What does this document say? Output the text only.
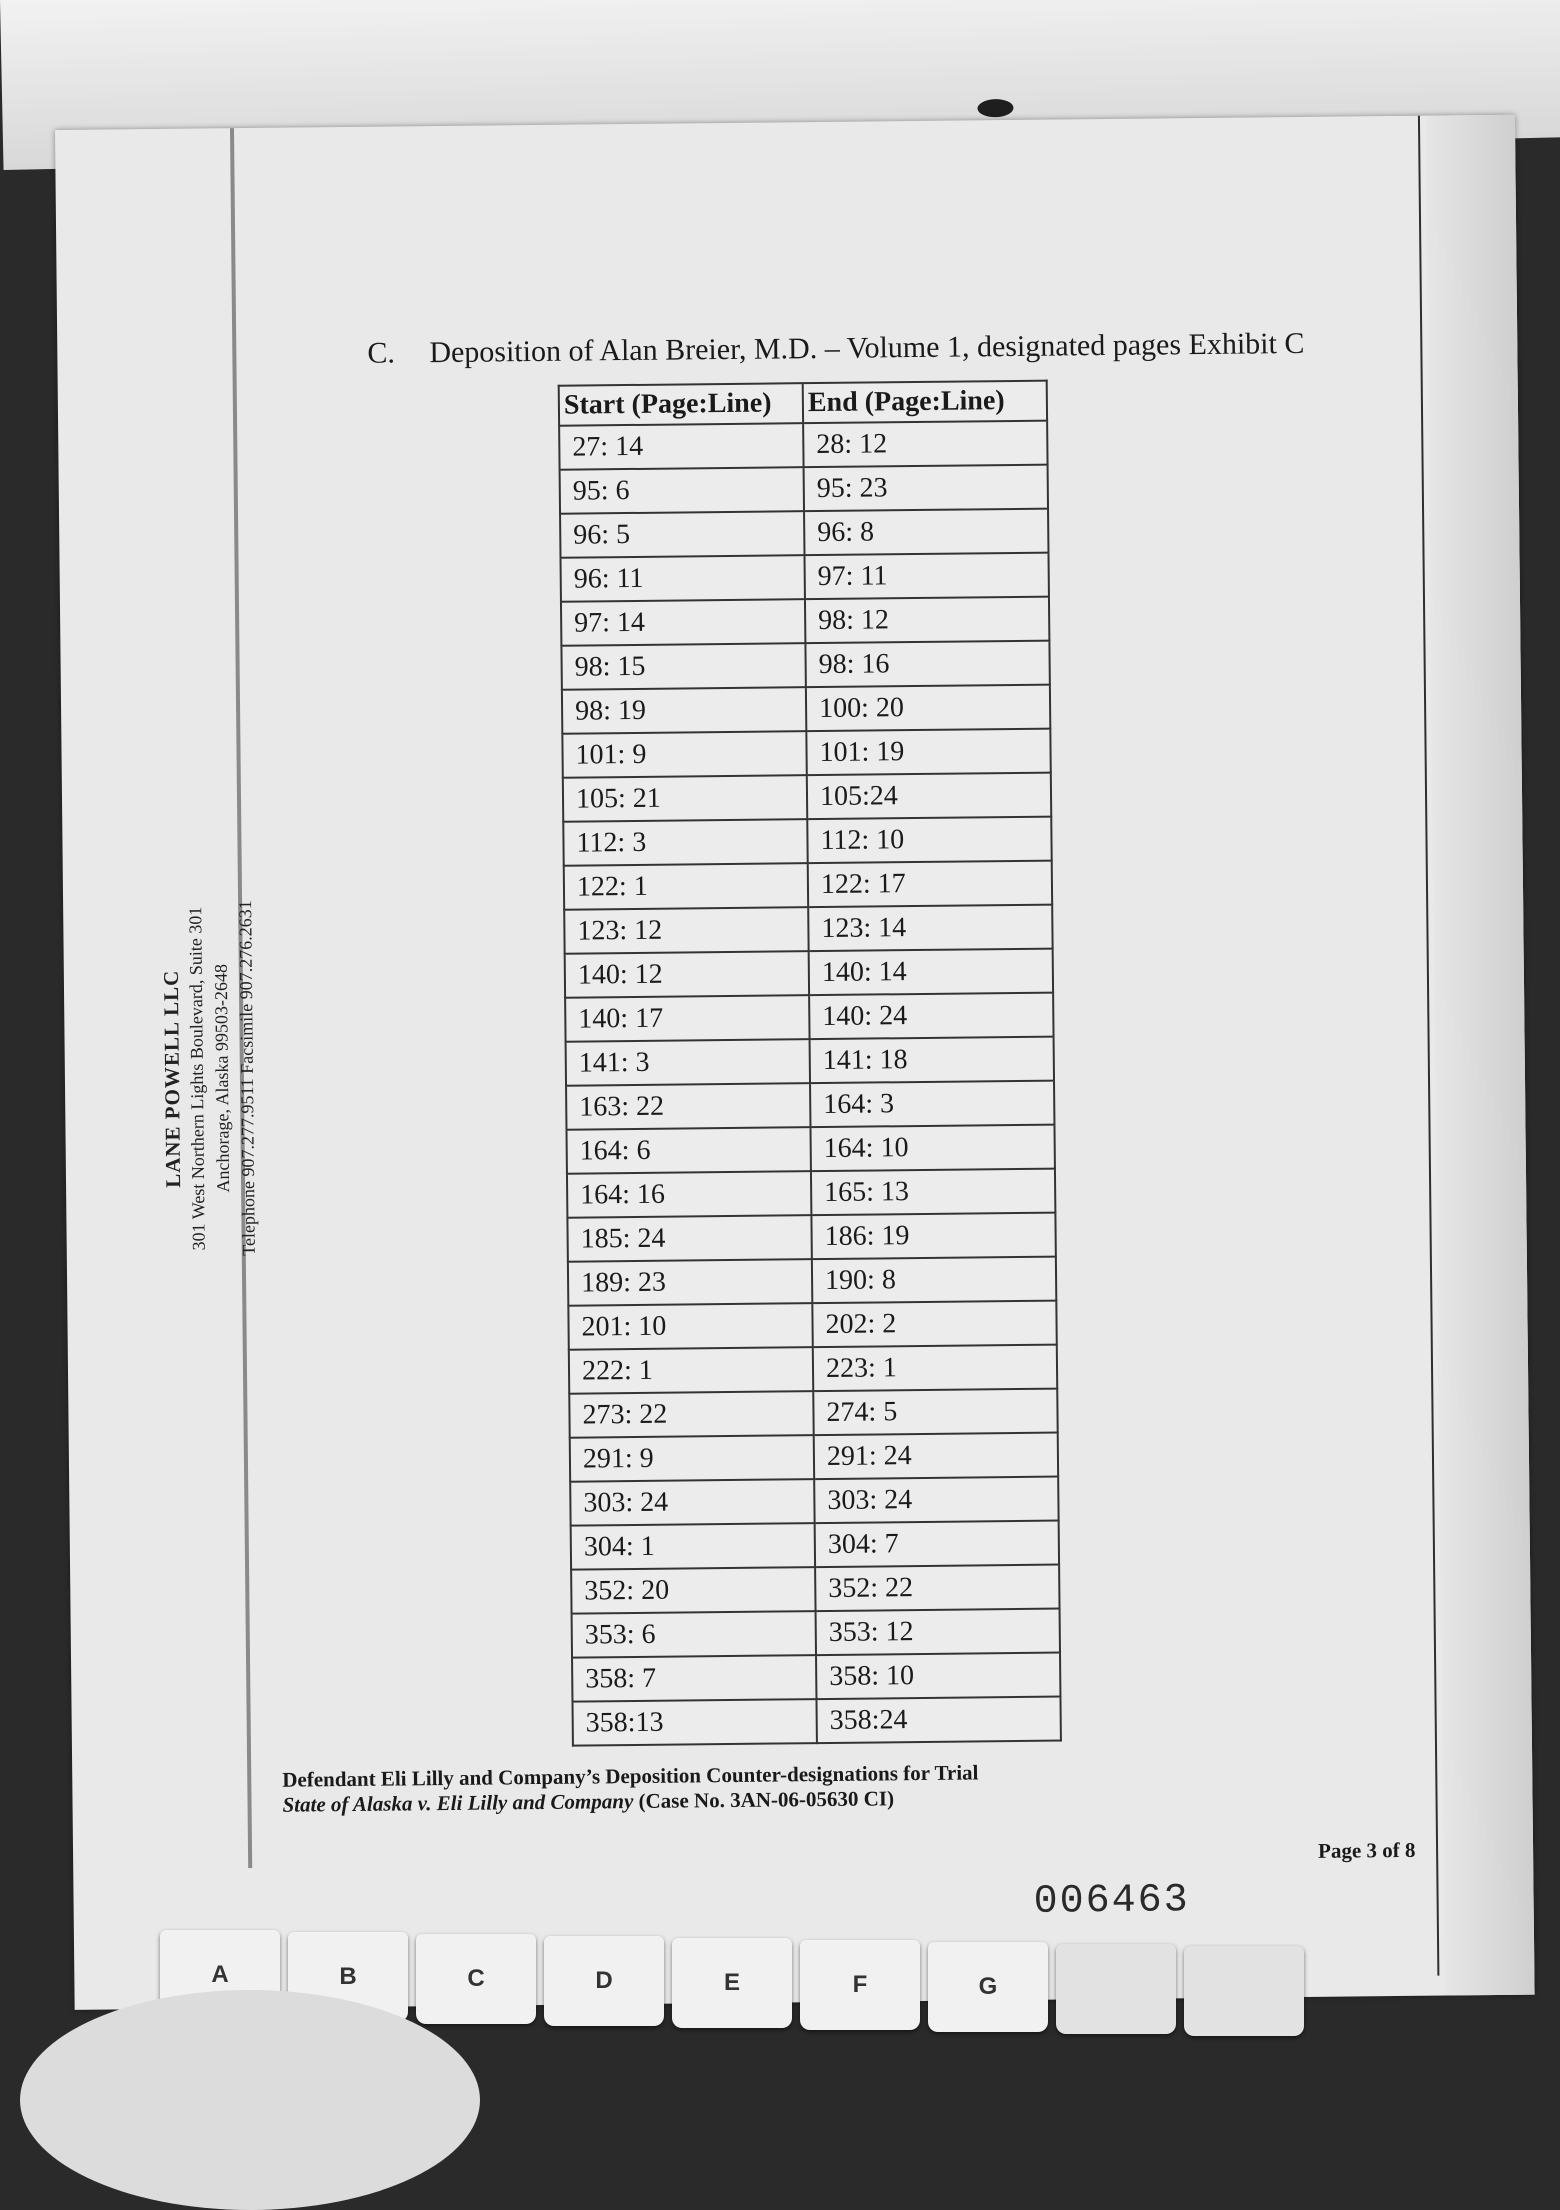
LANE POWELL LLC 301 West Northern Lights Boulevard, Suite 301 Anchorage, Alaska 99503-2648 Telephone 907.277.9511 Facsimile 907.276.2631
C. Deposition of Alan Breier, M.D. – Volume 1, designated pages Exhibit C
Start (Page:Line)	End (Page:Line)
27: 14	28: 12
95: 6	95: 23
96: 5	96: 8
96: 11	97: 11
97: 14	98: 12
98: 15	98: 16
98: 19	100: 20
101: 9	101: 19
105: 21	105:24
112: 3	112: 10
122: 1	122: 17
123: 12	123: 14
140: 12	140: 14
140: 17	140: 24
141: 3	141: 18
163: 22	164: 3
164: 6	164: 10
164: 16	165: 13
185: 24	186: 19
189: 23	190: 8
201: 10	202: 2
222: 1	223: 1
273: 22	274: 5
291: 9	291: 24
303: 24	303: 24
304: 1	304: 7
352: 20	352: 22
353: 6	353: 12
358: 7	358: 10
358:13	358:24
Defendant Eli Lilly and Company’s Deposition Counter-designations for Trial
State of Alaska v. Eli Lilly and Company (Case No. 3AN-06-05630 CI)
Page 3 of 8
006463
A	B	C	D	E	F	G
